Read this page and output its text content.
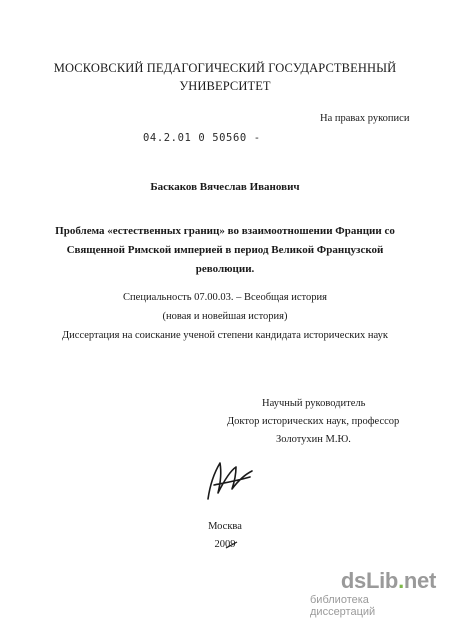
МОСКОВСКИЙ ПЕДАГОГИЧЕСКИЙ ГОСУДАРСТВЕННЫЙ
УНИВЕРСИТЕТ
На правах рукописи
04.2.01 0 50560 -
Баскаков Вячеслав Иванович
Проблема «естественных границ» во взаимоотношении Франции со
Священной Римской империей в период Великой Французской
революции.
Специальность 07.00.03. – Всеобщая история
(новая и новейшая история)
Диссертация на соискание ученой степени кандидата исторических наук
Научный руководитель
Доктор исторических наук, профессор
Золотухин М.Ю.
Москва
2009
dsLib.net
библиотека диссертаций
